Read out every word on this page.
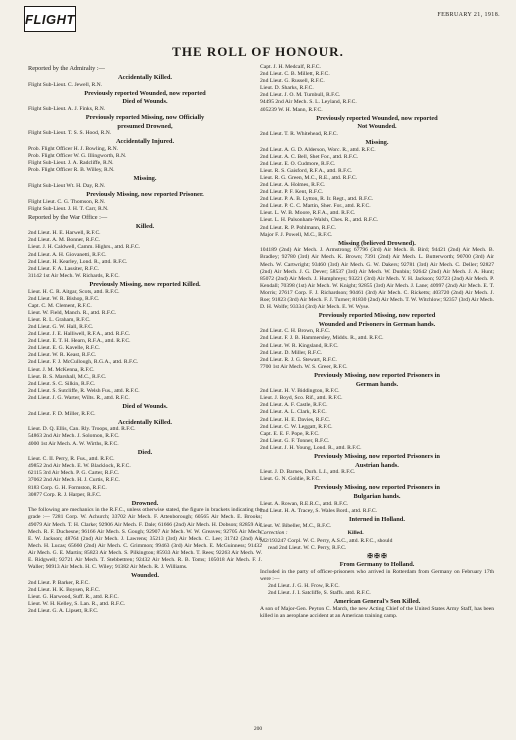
FLIGHT	FEBRUARY 21, 1918.
THE ROLL OF HONOUR.

Reported by the Admiralty :—

Accidentally Killed.

Flight Sub-Lieut. C. Jewell, R.N.

Previously reported Wounded, now reported

Died of Wounds.

Flight Sub-Lieut. A. J. Finks, R.N.

Previously reported Missing, now Officially

presumed Drowned,

Flight Sub-Lieut. T. S. S. Hood, R.N.

Accidentally Injured.

Prob. Flight Officer H. J. Bowling, R.N.

Prob. Flight Officer W. G. Illingworth, R.N.

Flight Sub-Lieut. J. A. Radcliffe, R.N.

Prob. Flight Officer R. B. Willey, R.N.

Missing.

Flight Sub-Lieut Wt. H. Day, R.N.

Previously Missing, now reported Prisoner.

Flight Lieut. C. G. Thomson, R.N.

Flight Sub-Lieut. J. H. T. Carr, R.N.

Reported by the War Office :—

Killed.

2nd Lieut. H. E. Harwell, R.F.C.

2nd Lieut. A. M. Bonner, R.F.C.

Lieut. J. H. Caldwell, Camm. Highrs., attd. R.F.C.

2nd Lieut. A. H. Giovanetti, R.F.C.

2nd Lieut. H. Kearley, Lond. R., attd. R.F.C.

2nd Lieut. F. A. Lassiter, R.F.C.

31142 1st Air Mech. W. Richards, R.F.C.

Previously Missing, now reported Killed.

Lieut. H. C. R. Aitgar, Scots, attd. R.F.C.

2nd Lieut. W. R. Bishop, R.F.C.

Capt. C. M. Clement, R.F.C.

Lieut. W. Field, Manch. R., attd. R.F.C.

Lieut. R. L. Graham, R.F.C.

2nd Lieut. G. W. Hall, R.F.C.

2nd Lieut. J. E. Halliwell, R.F.A., attd. R.F.C.

2nd Lieut. E. T. H. Hearn, R.F.A., attd. R.F.C.

2nd Lieut. E. G. Kavelle, R.F.C.

2nd Lieut. W. R. Keast, R.F.C.

2nd Lieut. F. J. McCullough, R.G.A., attd. R.F.C.

Lieut. J. M. McKenna, R.F.C.

Lieut. B. S. Marshall, M.C., R.F.C.

2nd Lieut. S. C. Silkin, R.F.C.

2nd Lieut. S. Sutcliffe, R. Welsh Fus., attd. R.F.C.

2nd Lieut. J. G. Warter, Wilts. R., attd. R.F.C.

Died of Wounds.

2nd Lieut. F. D. Miller, R.F.C.

Accidentally Killed.

Lieut. D. Q. Ellis, Can. Rly. Troops, attd. R.F.C.

54863 2nd Air Mech. J. Solomon, R.F.C.

4000 1st Air Mech. A. W. Wirths, R.F.C.

Died.

Lieut. C. II. Perry, R. Fus., attd. R.F.C.

49852 2nd Air Mech. E. W. Blacklock, R.F.C.

62115 3rd Air Mech. P. G. Carter, R.F.C.

37062 2nd Air Mech. H. J. Curtis, R.F.C.

8183 Corp. G. H. Formston, R.F.C.

30877 Corp. R. J. Harper, R.F.C.

Drowned.

The following are mechanics in the R.F.C., unless otherwise stated, the figure in brackets indicating the grade :— 7281 Corp. W. Achurch; 33702 Air Mech. F. Attenborough; 60565 Air Mech. E. Brooks; 49079 Air Mech. T. H. Clarke; 92906 Air Mech. F. Dale; 61666 (2nd) Air Mech. H. Dobson; 82859 Air Mech. R. F. Duchesne; 96166 Air Mech. S. Gough; 92907 Air Mech. W. W. Greaves; 92705 Air Mech. E. W. Jackson; 48764 (2nd) Air Mech. J. Lawrens; 35213 (3rd) Air Mech. C. Lee; 31742 (2nd) Air Mech. H. Lucas; 65660 (2nd) Air Mech. C. Grimmon; 99463 (3rd) Air Mech. E. McGuinness; 91432 Air Mech. G. E. Martin; 85823 Air Mech. S. Pilkington; 85933 Air Mech. T. Rees; 92263 Air Mech. W. E. Ridgwell; 92721 Air Mech. T. Stebbettren; 92432 Air Mech. R. B. Toms; 105018 Air Mech. F. J. Waller; 90913 Air Mech. H. C. Wiley; 91382 Air Mech. R. J. Williams.

Wounded.

2nd Lieut. P. Barker, R.F.C.

2nd Lieut. H. K. Boysen, R.F.C.

Lieut. G. Harwood, Suff. R., attd. R.F.C.

Lieut. W. H. Kelley, S. Lan. R., attd. R.F.C.

2nd Lieut. G. A. Lipsett, R.F.C.

Capt. J. H. Medcalf, R.F.C.

2nd Lieut. C. B. Millett, R.F.C.

2nd Lieut. G. Russell, R.F.C.

Lieut. D. Sharks, R.F.C.

2nd Lieut. J. O. M. Turnbull, R.F.C.

94495 2nd Air Mech. S. L. Leyland, R.F.C.

405239 W. H. Mann, R.F.C.

Previously reported Wounded, now reported

Not Wounded.

2nd Lieut. T. R. Whitehead, R.F.C.

Missing.

2nd Lieut. A. G. D. Alderson, Worc. R., attd. R.F.C.

2nd Lieut. A. C. Bell, Shet For., attd. R.F.C.

2nd Lieut. E. O. Cudmore, R.F.C.

Lieut. R. S. Gaisford, R.F.A., attd. R.F.C.

Lieut. R. G. Green, M.C., R.E., attd. R.F.C.

2nd Lieut. A. Holmes, R.F.C.

2nd Lieut. P. F. Kent, R.F.C.

2nd Lieut. P. A. B. Lytton, R. Ir. Regt., attd. R.F.C.

2nd Lieut. P. C. C. Martin, Sher. For., attd. R.F.C.

Lieut. L. W. B. Moore, R.F.A., attd. R.F.C.

Lieut. L. H. Palsonham-Walsh, Ches. R., attd. R.F.C.

2nd Lieut. R. P. Pohlmann, R.F.C.

Major F. J. Powell, M.C., R.F.C.

Missing (believed Drowned).

104189 (2nd) Air Mech. J. Armstrong; 67796 (3rd) Air Mech. B. Bird; 94421 (2nd) Air Mech. B. Bradley; 92780 (3rd) Air Mech. K. Brown; 7391 (2nd) Air Mech. L. Butterworth; 90700 (3rd) Air Mech. W. Cartwright; 93460 (3rd) Air Mech. G. W. Dakers; 92781 (3rd) Air Mech. C. Deller; 92827 (2nd) Air Mech. J. G. Dever; 58537 (3rd) Air Mech. W. Dunbin; 92642 (2nd) Air Mech. J. A. Hunt; 85072 (2nd) Air Mech. J. Humphreys; 93221 (3rd) Air Mech. Y. H. Jackson; 92723 (2nd) Air Mech. P. Kendall; 70398 (1st) Air Mech. W. Knight; 92855 (3rd) Air Mech. J. Lane; 40997 (2nd) Air Mech. E. T. Morris; 27617 Corp. F. J. Richardson; 90461 (3rd) Air Mech. C. Ricketts; 403720 (2nd) Air Mech. J. Roe; 91823 (3rd) Air Mech. F. J. Turner; 81830 (2nd) Air Mech. T. W. Witchlow; 92357 (3rd) Air Mech. D. H. Wolfe; 93334 (3rd) Air Mech. E. W. Wyse.

Previously reported Missing, now reported

Wounded and Prisoners in German hands.

2nd Lieut. C. H. Brown, R.F.C.

2nd Lieut. F. J. B. Hammersley, Middx. R., attd. R.F.C.

2nd Lieut. W. R. Kingsland, R.F.C.

2nd Lieut. D. Miller, R.F.C.

2nd Lieut. R. J. G. Stewart, R.F.C.

7700 1st Air Mech. W. S. Greer, R.F.C.

Previously Missing, now reported Prisoners in

German hands.

2nd Lieut. H. V. Biddington, R.F.C.

Lieut. J. Boyd, Sco. Rif., attd. R.F.C.

2nd Lieut. A. F. Castle, R.F.C.

2nd Lieut. A. L. Clark, R.F.C.

2nd Lieut. H. E. Davies, R.F.C.

2nd Lieut. C. W. Leggatt, R.F.C.

Capt. E. E. F. Pope, R.F.C.

2nd Lieut. G. F. Tonner, R.F.C.

2nd Lieut. J. H. Young, Lond. R., attd. R.F.C.

Previously Missing, now reported Prisoners in

Austrian hands.

Lieut. J. D. Barnes, Durh. L.I., attd. R.F.C.

Lieut. G. N. Goldie, R.F.C.

Previously Missing, now reported Prisoners in

Bulgarian hands.

Lieut. A. Rowan, R.E.R.C., attd. R.F.C.

2nd Lieut. H. A. Tracey, S. Wales Bord., attd. R.F.C.

Interned in Holland.

Lieut. W. Bibeller, M.C., R.F.C.

Correction :	Killed.

M2/193247 Corpl. W. C. Perry, A.S.C., attd. R.F.C., should

read 2nd Lieut. W. C. Perry, R.F.C.

✠ ✠ ✠

From Germany to Holland.

Included in the party of officer-prisoners who arrived in Rotterdam from Germany on February 17th were :—

2nd Lieut. J. G. H. Frow, R.F.C.

2nd Lieut. J. I. Satcliffe, S. Staffs. attd. R.F.C.

American General's Son Killed.

A son of Major-Gen. Peyton C. March, the new Acting Chief of the United States Army Staff, has been killed in an aeroplane accident at an American training camp.

200
